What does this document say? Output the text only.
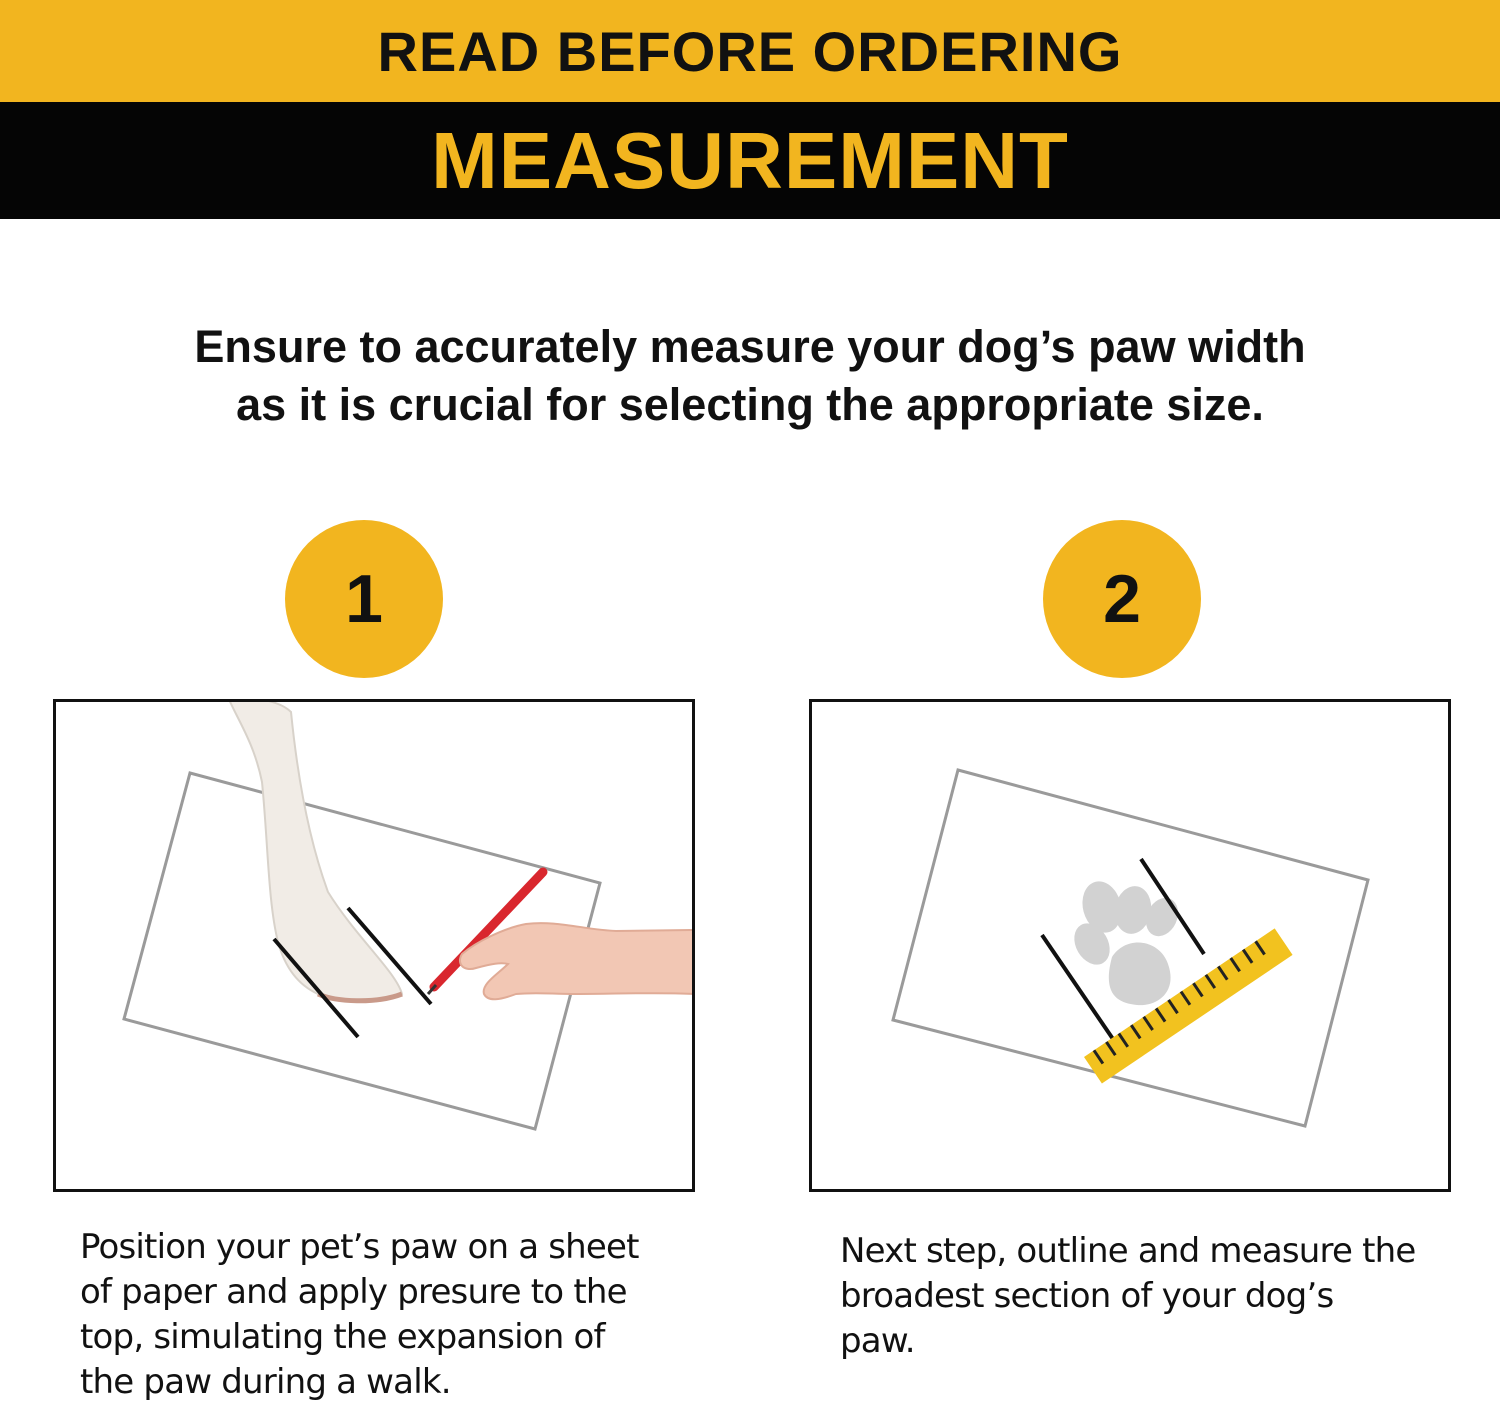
READ BEFORE ORDERING
MEASUREMENT
Ensure to accurately measure your dog’s paw width
as it is crucial for selecting the appropriate size.
1
Position your pet’s paw on a sheet
of paper and apply presure to the
top, simulating the expansion of
the paw during a walk.
2
Next step, outline and measure the
broadest section of your dog’s
paw.
